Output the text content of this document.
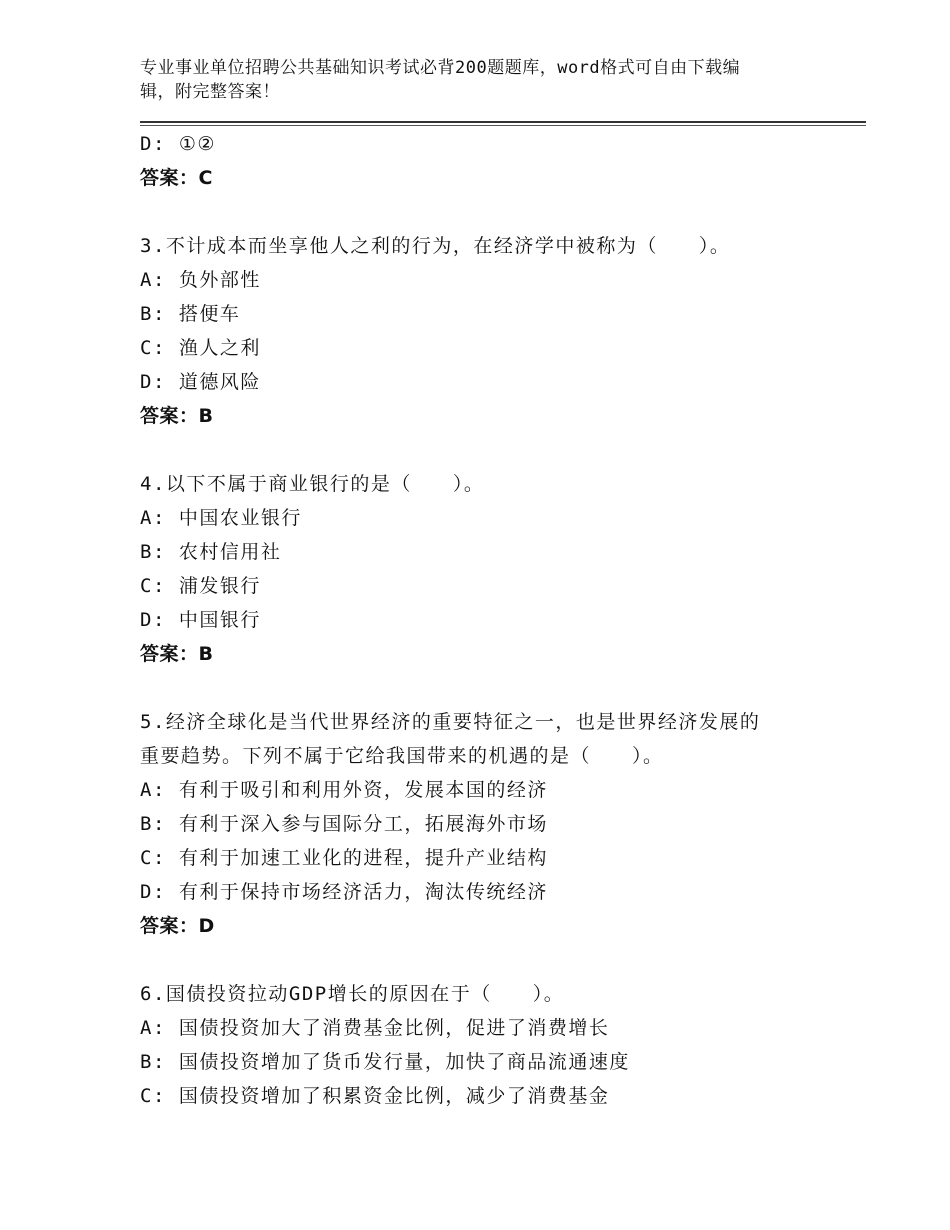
专业事业单位招聘公共基础知识考试必背200题题库，word格式可自由下载编
辑，附完整答案！
D: ①②
答案：C
3.不计成本而坐享他人之利的行为，在经济学中被称为（　　）。
A: 负外部性
B: 搭便车
C: 渔人之利
D: 道德风险
答案：B
4.以下不属于商业银行的是（　　）。
A: 中国农业银行
B: 农村信用社
C: 浦发银行
D: 中国银行
答案：B
5.经济全球化是当代世界经济的重要特征之一，也是世界经济发展的
重要趋势。下列不属于它给我国带来的机遇的是（　　）。
A: 有利于吸引和利用外资，发展本国的经济
B: 有利于深入参与国际分工，拓展海外市场
C: 有利于加速工业化的进程，提升产业结构
D: 有利于保持市场经济活力，淘汰传统经济
答案：D
6.国债投资拉动GDP增长的原因在于（　　）。
A: 国债投资加大了消费基金比例，促进了消费增长
B: 国债投资增加了货币发行量，加快了商品流通速度
C: 国债投资增加了积累资金比例，减少了消费基金
